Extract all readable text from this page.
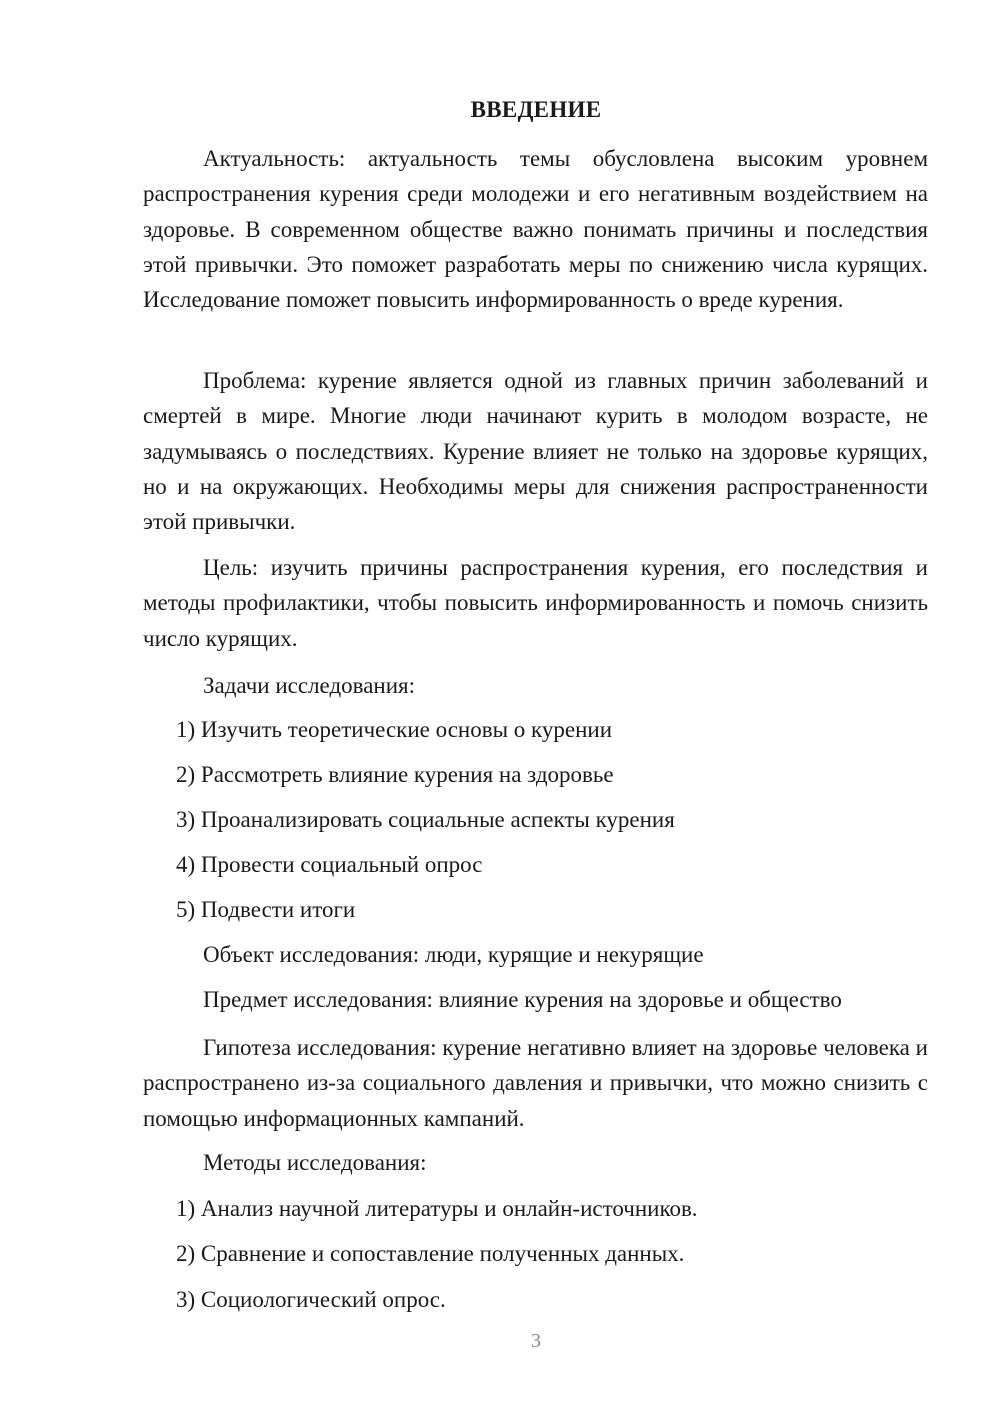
ВВЕДЕНИЕ

Актуальность: актуальность темы обусловлена высоким уровнем распространения курения среди молодежи и его негативным воздействием на здоровье. В современном обществе важно понимать причины и последствия этой привычки. Это поможет разработать меры по снижению числа курящих. Исследование поможет повысить информированность о вреде курения.

Проблема: курение является одной из главных причин заболеваний и смертей в мире. Многие люди начинают курить в молодом возрасте, не задумываясь о последствиях. Курение влияет не только на здоровье курящих, но и на окружающих. Необходимы меры для снижения распространенности этой привычки.

Цель: изучить причины распространения курения, его последствия и методы профилактики, чтобы повысить информированность и помочь снизить число курящих.

Задачи исследования:
1) Изучить теоретические основы о курении
2) Рассмотреть влияние курения на здоровье
3) Проанализировать социальные аспекты курения
4) Провести социальный опрос
5) Подвести итоги
Объект исследования: люди, курящие и некурящие
Предмет исследования: влияние курения на здоровье и общество

Гипотеза исследования: курение негативно влияет на здоровье человека и распространено из-за социального давления и привычки, что можно снизить с помощью информационных кампаний.

Методы исследования:
1) Анализ научной литературы и онлайн-источников.
2) Сравнение и сопоставление полученных данных.
3) Социологический опрос.
3
